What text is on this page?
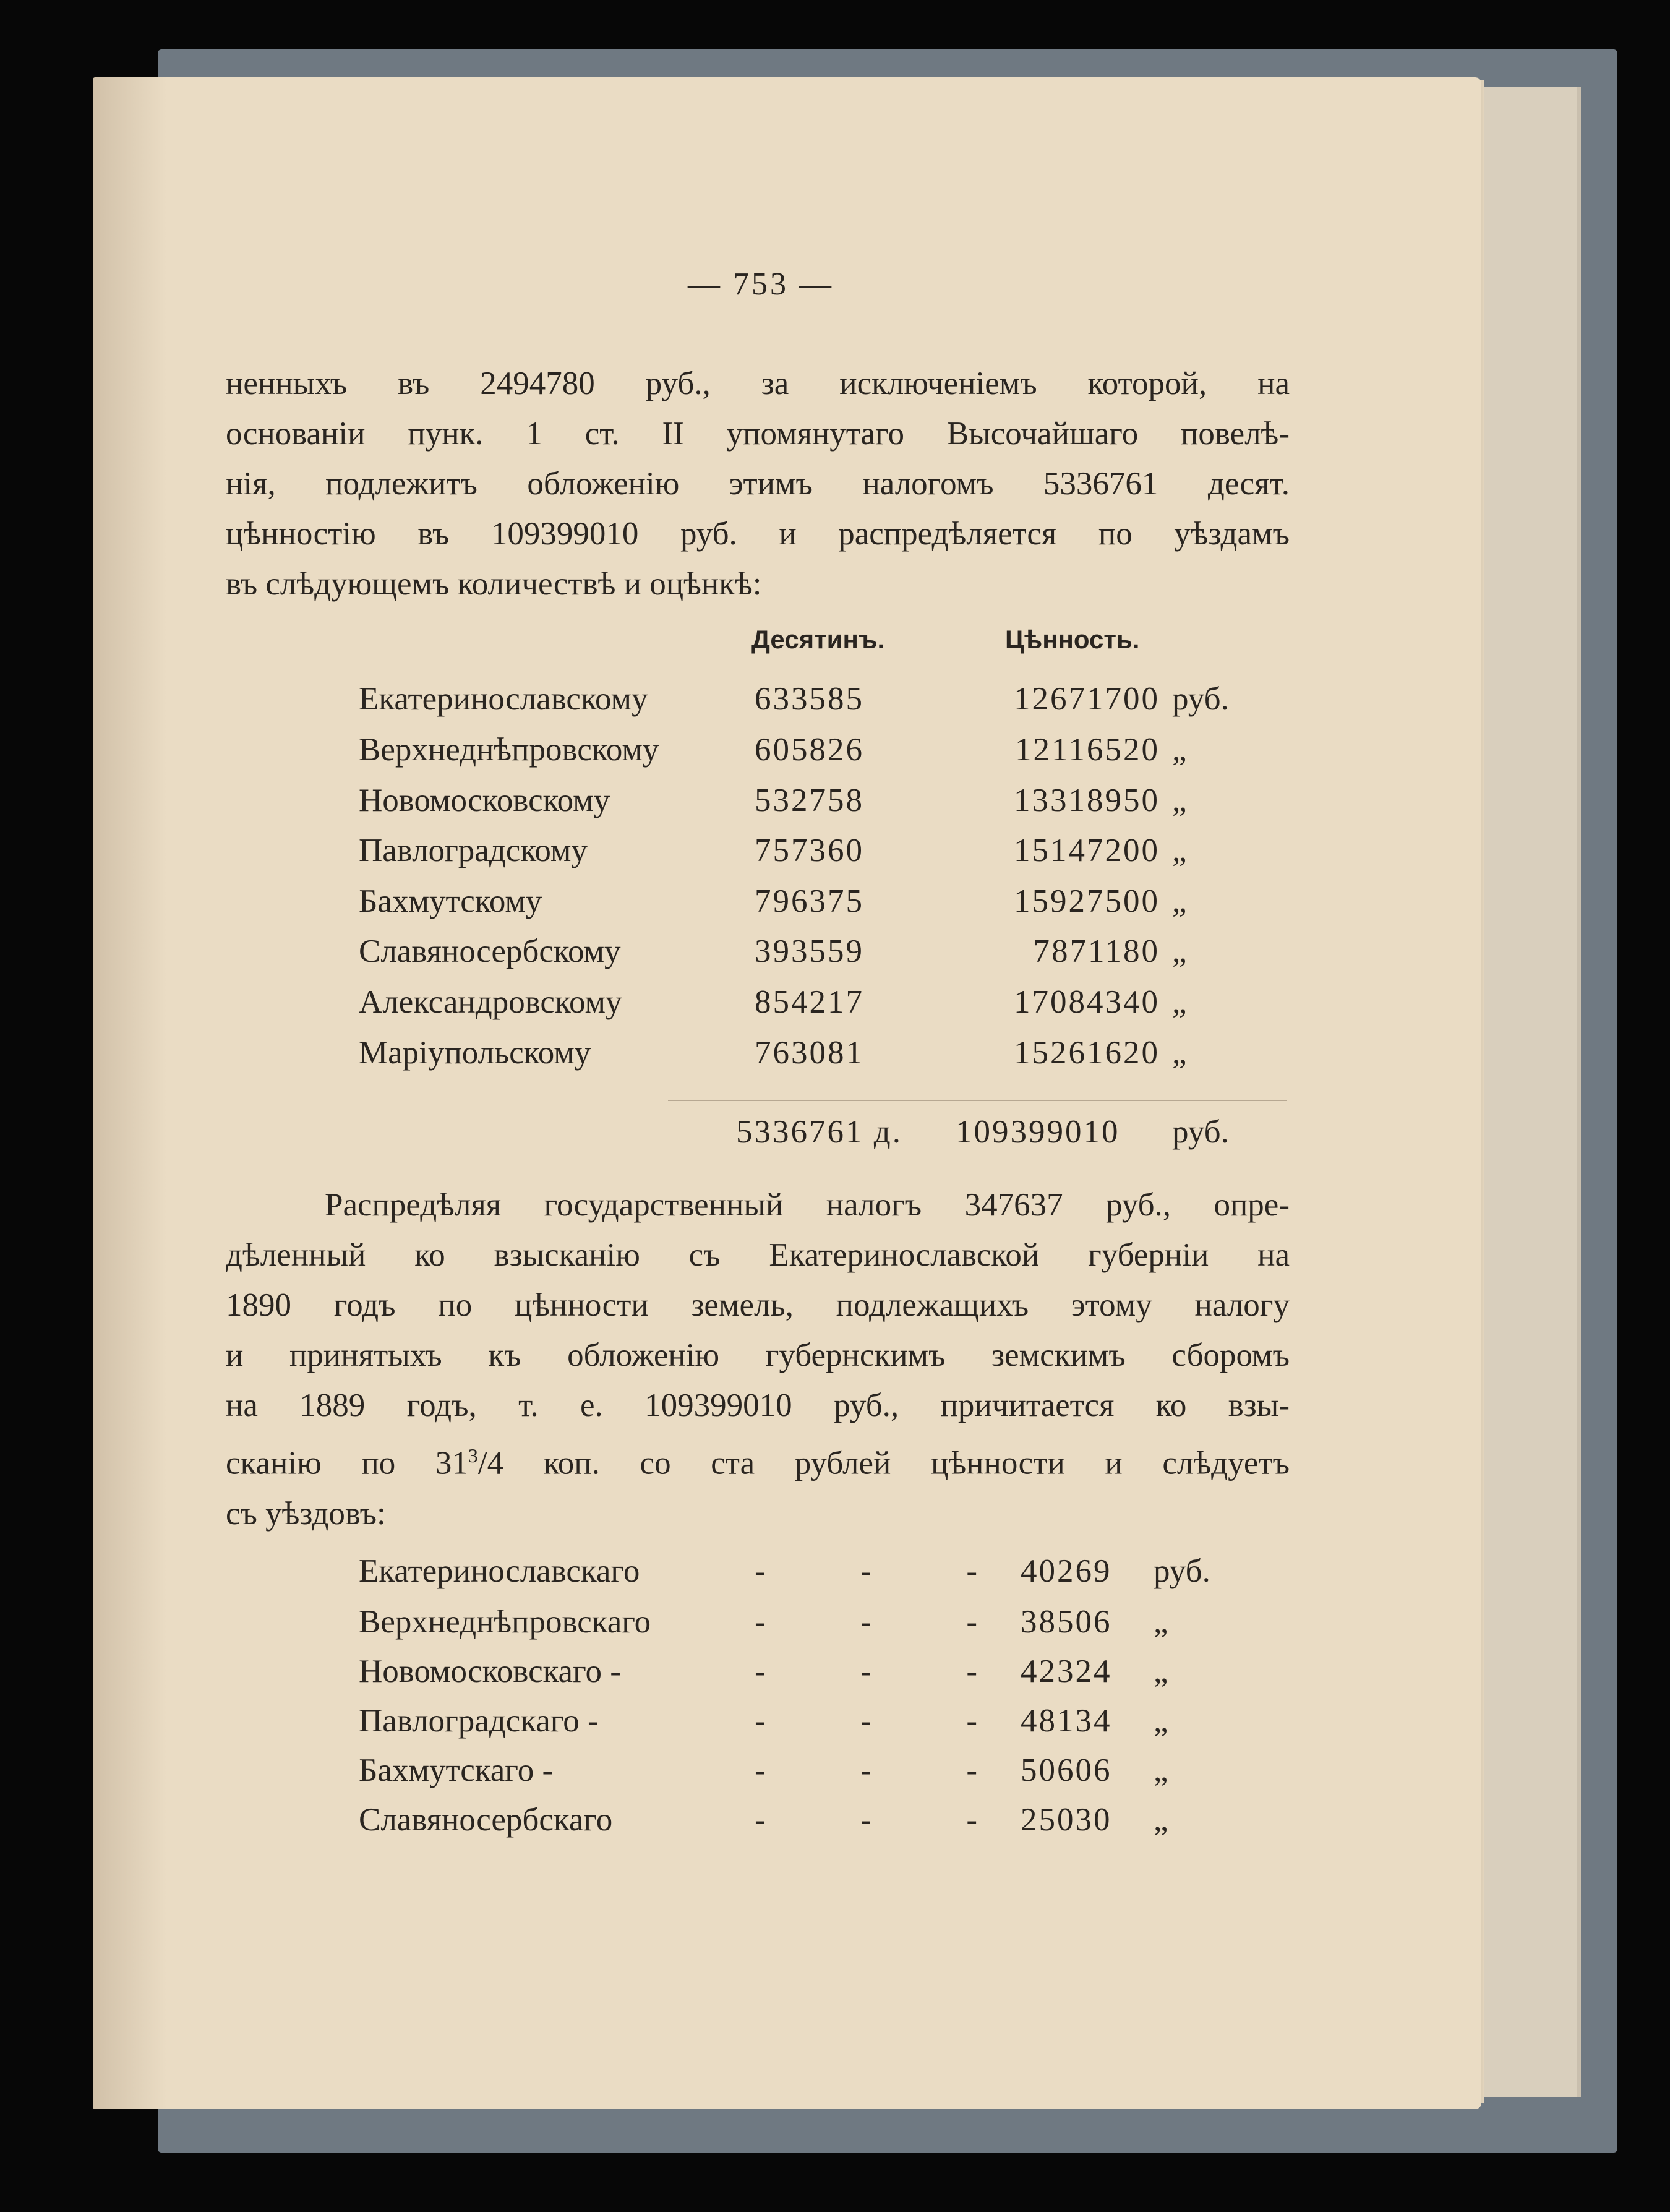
— 753 —
ненныхъ въ 2494780 руб., за исключеніемъ которой, на
основаніи пунк. 1 ст. II упомянутаго Высочайшаго повелѣ-
нія, подлежитъ обложенію этимъ налогомъ 5336761 десят.
цѣнностію въ 109399010 руб. и распредѣляется по уѣздамъ
въ слѣдующемъ количествѣ и оцѣнкѣ:
Десятинъ.	Цѣнность.
Екатеринославскому	633585	12671700 руб.
Верхнеднѣпровскому	605826	12116520 „
Новомосковскому	532758	13318950 „
Павлоградскому	757360	15147200 „
Бахмутскому	796375	15927500 „
Славяносербскому	393559	7871180 „
Александровскому	854217	17084340 „
Маріупольскому	763081	15261620 „
5336761 д. 109399010 руб.
Распредѣляя государственный налогъ 347637 руб., опре-
дѣленный ко взысканію съ Екатеринославской губерніи на
1890 годъ по цѣнности земель, подлежащихъ этому налогу
и принятыхъ къ обложенію губернскимъ земскимъ сборомъ
на 1889 годъ, т. е. 109399010 руб., причитается ко взы-
сканію по $31^3/4$ коп. со ста рублей цѣнности и слѣдуетъ
съ уѣздовъ:
Екатеринославскаго	-	-	- 40269 руб.
Верхнеднѣпровскаго	-	-	- 38506 „
Новомосковскаго -	-	-	- 42324 „
Павлоградскаго -	-	-	- 48134 „
Бахмутскаго -	-	-	- 50606 „
Славяносербскаго	-	-	- 25030 „
